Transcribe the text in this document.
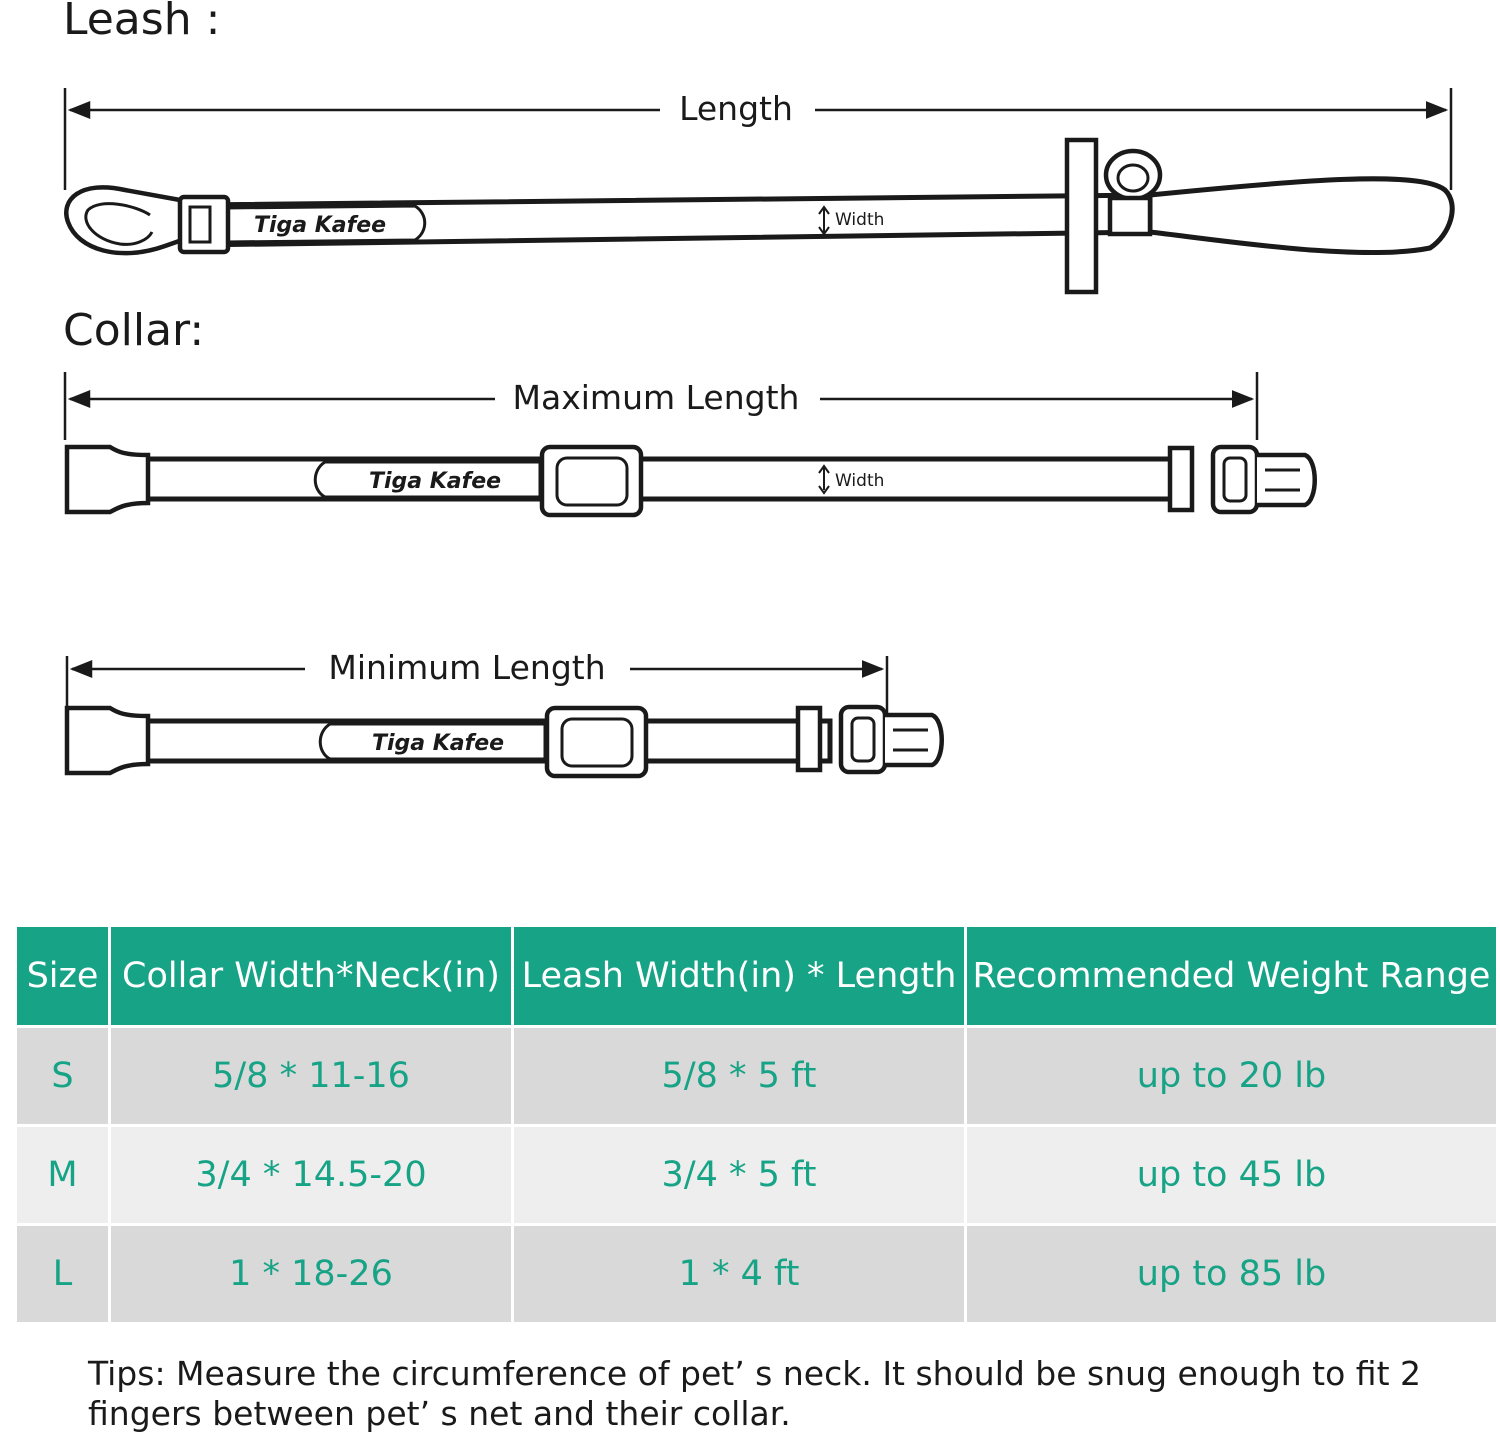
Leash :
Collar:
Length
Tiga Kafee	Width
Maximum Length
Tiga Kafee	Width
Minimum Length
Tiga Kafee
Size	Collar Width*Neck(in)	Leash Width(in) * Length	Recommended Weight Range
S	5/8 * 11-16	5/8 * 5 ft	up to 20 lb
M	3/4 * 14.5-20	3/4 * 5 ft	up to 45 lb
L	1 * 18-26	1 * 4 ft	up to 85 lb

Tips: Measure the circumference of pet’ s neck. It should be snug enough to fit 2 fingers between pet’ s net and their collar.
